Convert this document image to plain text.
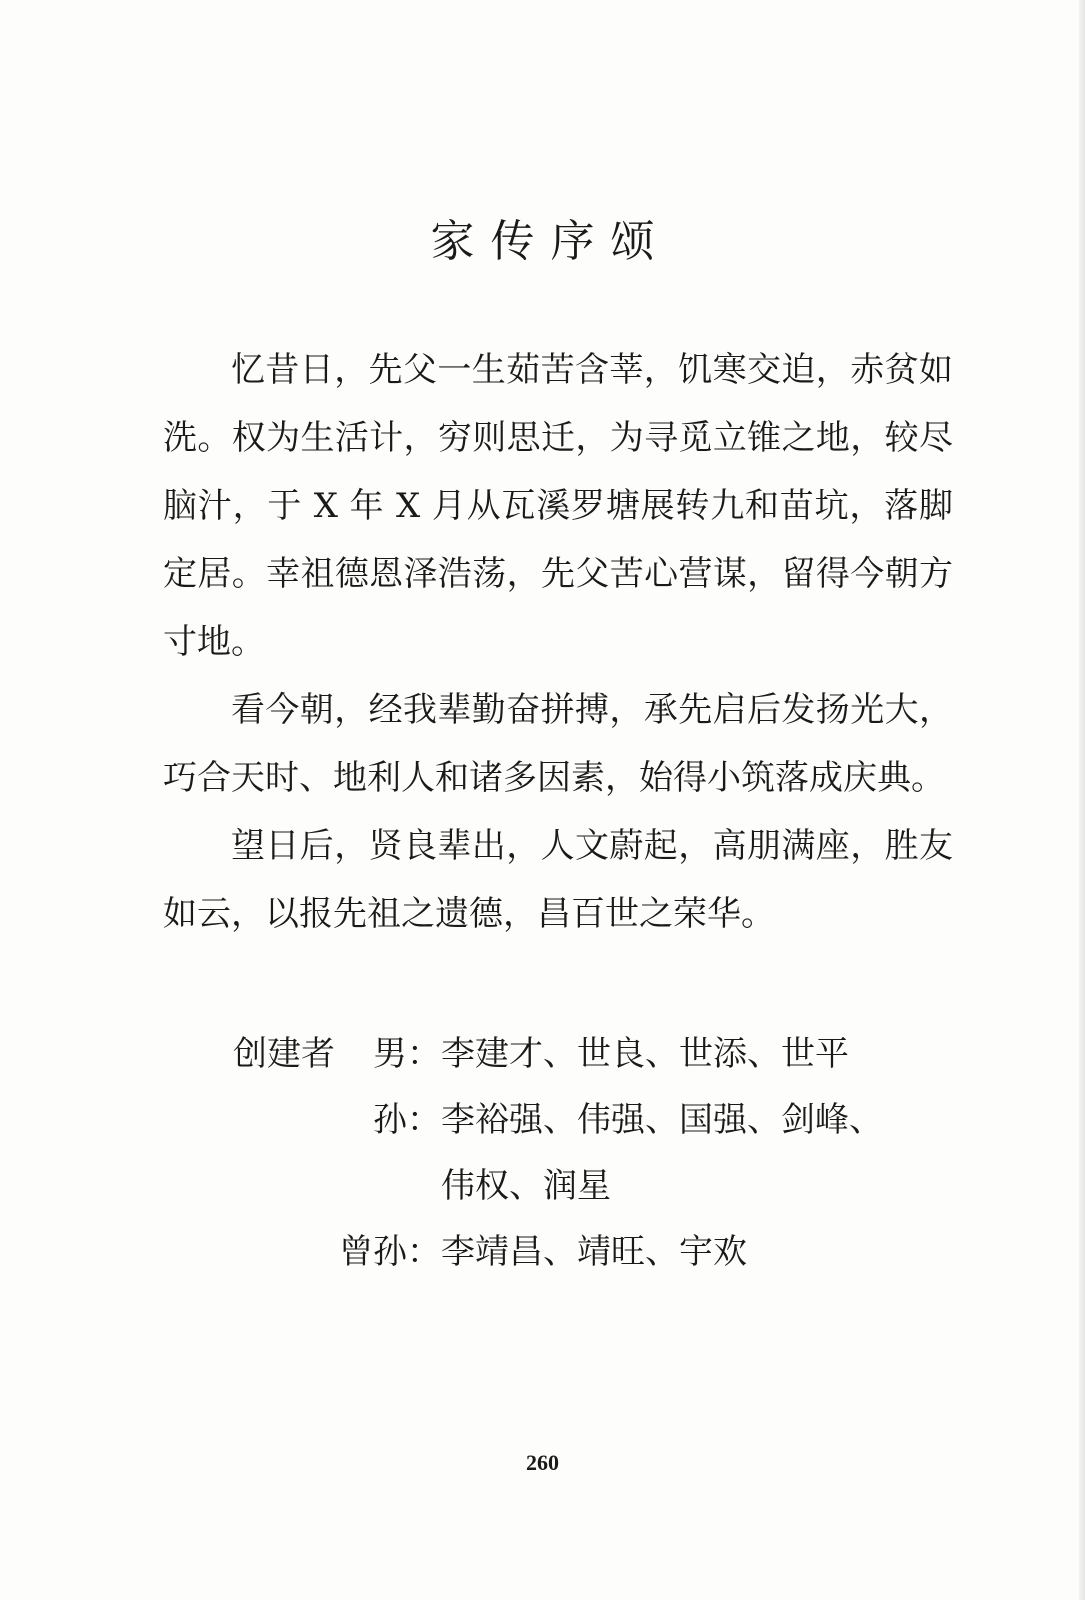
家传序颂

忆昔日，先父一生茹苦含莘，饥寒交迫，赤贫如洗。权为生活计，穷则思迁，为寻觅立锥之地，较尽脑汁，于 X 年 X 月从瓦溪罗塘展转九和苗坑，落脚定居。幸祖德恩泽浩荡，先父苦心营谋，留得今朝方寸地。

看今朝，经我辈勤奋拼搏，承先启后发扬光大，巧合天时、地利人和诸多因素，始得小筑落成庆典。

望日后，贤良辈出，人文蔚起，高朋满座，胜友如云，以报先祖之遗德，昌百世之荣华。

创建者 男： 李建才、世良、世添、世平
孙： 李裕强、伟强、国强、剑峰、
伟权、润星
曾孙： 李靖昌、靖旺、宇欢
260
